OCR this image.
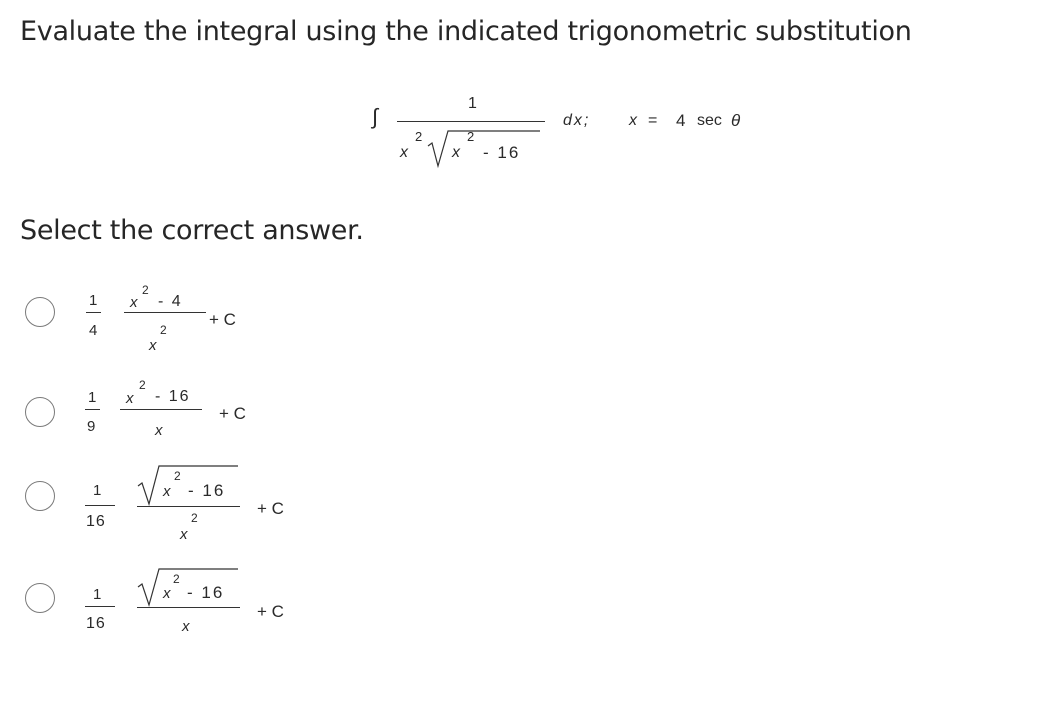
Evaluate the integral using the indicated trigonometric substitution
∫
1
x
2
x
2
- 16
dx; x = 4 sec θ
Select the correct answer.
1
4
x
2
- 4
x
2
+ C
1
9
x
2
- 16
x
+ C
1
16
x
2
- 16
x
2	+ C
1
16
x
2
- 16
x
+ C
